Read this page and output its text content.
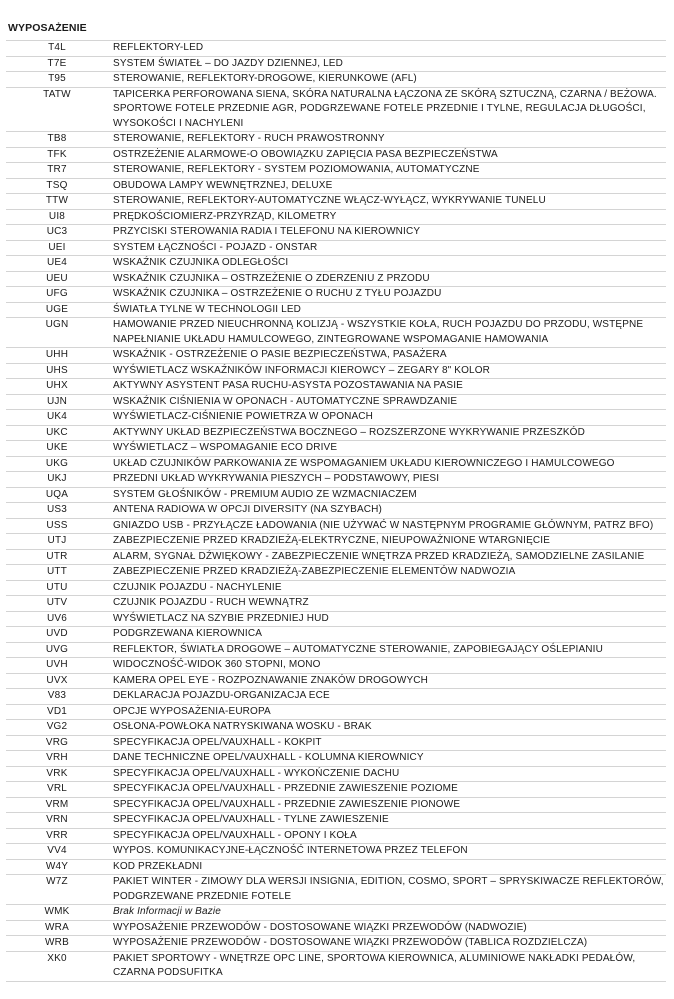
WYPOSAŻENIE
T4L	REFLEKTORY-LED
T7E	SYSTEM ŚWIATEŁ – DO JAZDY DZIENNEJ, LED
T95	STEROWANIE, REFLEKTORY-DROGOWE, KIERUNKOWE (AFL)
TATW	TAPICERKA PERFOROWANA SIENA, SKÓRA NATURALNA ŁĄCZONA ZE SKÓRĄ SZTUCZNĄ, CZARNA / BEŻOWA. SPORTOWE FOTELE PRZEDNIE AGR, PODGRZEWANE FOTELE PRZEDNIE I TYLNE, REGULACJA DŁUGOŚCI, WYSOKOŚCI I NACHYLENI
TB8	STEROWANIE, REFLEKTORY - RUCH PRAWOSTRONNY
TFK	OSTRZEŻENIE ALARMOWE-O OBOWIĄZKU ZAPIĘCIA PASA BEZPIECZEŃSTWA
TR7	STEROWANIE, REFLEKTORY - SYSTEM POZIOMOWANIA, AUTOMATYCZNE
TSQ	OBUDOWA LAMPY WEWNĘTRZNEJ, DELUXE
TTW	STEROWANIE, REFLEKTORY-AUTOMATYCZNE WŁĄCZ-WYŁĄCZ, WYKRYWANIE TUNELU
UI8	PRĘDKOŚCIOMIERZ-PRZYRZĄD, KILOMETRY
UC3	PRZYCISKI STEROWANIA RADIA I TELEFONU NA KIEROWNICY
UEI	SYSTEM ŁĄCZNOŚCI - POJAZD - ONSTAR
UE4	WSKAŹNIK CZUJNIKA ODLEGŁOŚCI
UEU	WSKAŹNIK CZUJNIKA – OSTRZEŻENIE O ZDERZENIU Z PRZODU
UFG	WSKAŹNIK CZUJNIKA – OSTRZEŻENIE O RUCHU Z TYŁU POJAZDU
UGE	ŚWIATŁA TYLNE W TECHNOLOGII LED
UGN	HAMOWANIE PRZED NIEUCHRONNĄ KOLIZJĄ - WSZYSTKIE KOŁA, RUCH POJAZDU DO PRZODU, WSTĘPNE NAPEŁNIANIE UKŁADU HAMULCOWEGO, ZINTEGROWANE WSPOMAGANIE HAMOWANIA
UHH	WSKAŹNIK - OSTRZEŻENIE O PASIE BEZPIECZEŃSTWA, PASAŻERA
UHS	WYŚWIETLACZ WSKAŹNIKÓW INFORMACJI KIEROWCY – ZEGARY 8" KOLOR
UHX	AKTYWNY ASYSTENT PASA RUCHU-ASYSTA POZOSTAWANIA NA PASIE
UJN	WSKAŹNIK CIŚNIENIA W OPONACH - AUTOMATYCZNE SPRAWDZANIE
UK4	WYŚWIETLACZ-CIŚNIENIE POWIETRZA W OPONACH
UKC	AKTYWNY UKŁAD BEZPIECZEŃSTWA BOCZNEGO – ROZSZERZONE WYKRYWANIE PRZESZKÓD
UKE	WYŚWIETLACZ – WSPOMAGANIE ECO DRIVE
UKG	UKŁAD CZUJNIKÓW PARKOWANIA ZE WSPOMAGANIEM UKŁADU KIEROWNICZEGO I HAMULCOWEGO
UKJ	PRZEDNI UKŁAD WYKRYWANIA PIESZYCH – PODSTAWOWY, PIESI
UQA	SYSTEM GŁOŚNIKÓW - PREMIUM AUDIO ZE WZMACNIACZEM
US3	ANTENA RADIOWA W OPCJI DIVERSITY (NA SZYBACH)
USS	GNIAZDO USB - PRZYŁĄCZE ŁADOWANIA (NIE UŻYWAĆ W NASTĘPNYM PROGRAMIE GŁÓWNYM, PATRZ BFO)
UTJ	ZABEZPIECZENIE PRZED KRADZIEŻĄ-ELEKTRYCZNE, NIEUPOWAŻNIONE WTARGNIĘCIE
UTR	ALARM, SYGNAŁ DŹWIĘKOWY - ZABEZPIECZENIE WNĘTRZA PRZED KRADZIEŻĄ, SAMODZIELNE ZASILANIE
UTT	ZABEZPIECZENIE PRZED KRADZIEŻĄ-ZABEZPIECZENIE ELEMENTÓW NADWOZIA
UTU	CZUJNIK POJAZDU - NACHYLENIE
UTV	CZUJNIK POJAZDU - RUCH WEWNĄTRZ
UV6	WYŚWIETLACZ NA SZYBIE PRZEDNIEJ HUD
UVD	PODGRZEWANA KIEROWNICA
UVG	REFLEKTOR, ŚWIATŁA DROGOWE – AUTOMATYCZNE STEROWANIE, ZAPOBIEGAJĄCY OŚLEPIANIU
UVH	WIDOCZNOŚĆ-WIDOK 360 STOPNI, MONO
UVX	KAMERA OPEL EYE - ROZPOZNAWANIE ZNAKÓW DROGOWYCH
V83	DEKLARACJA POJAZDU-ORGANIZACJA ECE
VD1	OPCJE WYPOSAŻENIA-EUROPA
VG2	OSŁONA-POWŁOKA NATRYSKIWANA WOSKU - BRAK
VRG	SPECYFIKACJA OPEL/VAUXHALL - KOKPIT
VRH	DANE TECHNICZNE OPEL/VAUXHALL - KOLUMNA KIEROWNICY
VRK	SPECYFIKACJA OPEL/VAUXHALL - WYKOŃCZENIE DACHU
VRL	SPECYFIKACJA OPEL/VAUXHALL - PRZEDNIE ZAWIESZENIE POZIOME
VRM	SPECYFIKACJA OPEL/VAUXHALL - PRZEDNIE ZAWIESZENIE PIONOWE
VRN	SPECYFIKACJA OPEL/VAUXHALL - TYLNE ZAWIESZENIE
VRR	SPECYFIKACJA OPEL/VAUXHALL - OPONY I KOŁA
VV4	WYPOS. KOMUNIKACYJNE-ŁĄCZNOŚĆ INTERNETOWA PRZEZ TELEFON
W4Y	KOD PRZEKŁADNI
W7Z	PAKIET WINTER - ZIMOWY DLA WERSJI INSIGNIA, EDITION, COSMO, SPORT – SPRYSKIWACZE REFLEKTORÓW, PODGRZEWANE PRZEDNIE FOTELE
WMK	Brak Informacji w Bazie
WRA	WYPOSAŻENIE PRZEWODÓW - DOSTOSOWANE WIĄZKI PRZEWODÓW (NADWOZIE)
WRB	WYPOSAŻENIE PRZEWODÓW - DOSTOSOWANE WIĄZKI PRZEWODÓW (TABLICA ROZDZIELCZA)
XK0	PAKIET SPORTOWY - WNĘTRZE OPC LINE, SPORTOWA KIEROWNICA, ALUMINIOWE NAKŁADKI PEDAŁÓW, CZARNA PODSUFITKA
